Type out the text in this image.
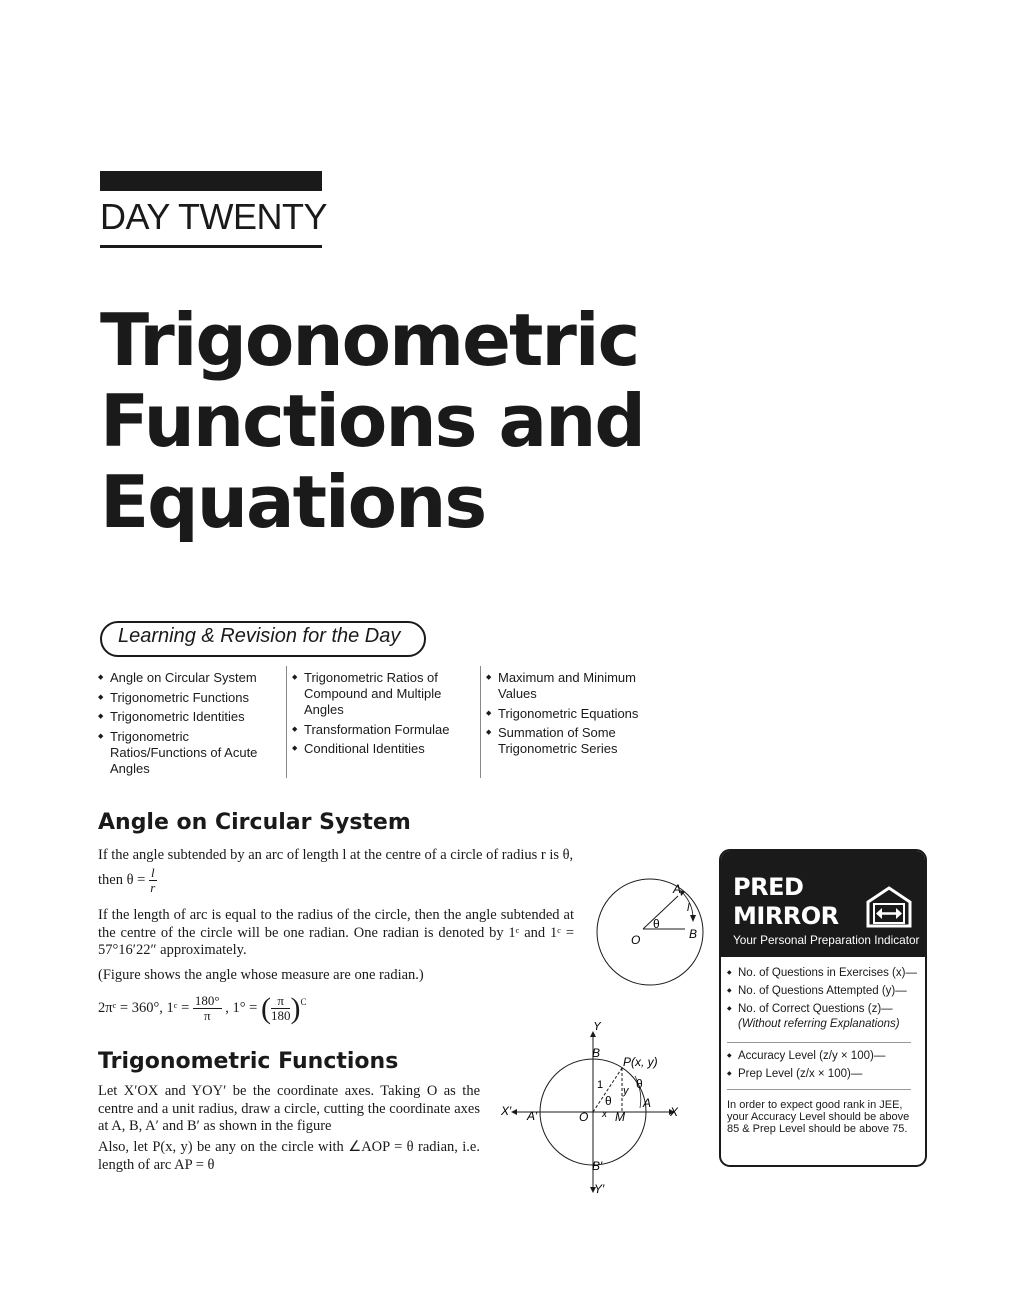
DAY TWENTY
Trigonometric
Functions and
Equations
Learning & Revision for the Day
◆ Angle on Circular System
◆ Trigonometric Functions
◆ Trigonometric Identities
◆ Trigonometric Ratios/Functions of Acute Angles
◆ Trigonometric Ratios of Compound and Multiple Angles
◆ Transformation Formulae
◆ Conditional Identities
◆ Maximum and Minimum Values
◆ Trigonometric Equations
◆ Summation of Some Trigonometric Series
Angle on Circular System
If the angle subtended by an arc of length l at the centre of a circle of radius r is θ,
then $\theta = \frac{l}{r}$
If the length of arc is equal to the radius of the circle, then the angle subtended at the centre of the circle will be one radian. One radian is denoted by 1ᶜ and 1ᶜ = 57°16′22″ approximately.
(Figure shows the angle whose measure are one radian.)
2πᶜ = 360°, 1ᶜ = $\frac{180^\circ}{\pi}$ , 1° = ( $\frac{\pi}{180} )^C$
A
B
O
θ
l
Trigonometric Functions
Let X′OX and YOY′ be the coordinate axes. Taking O as the centre and a unit radius, draw a circle, cutting the coordinate axes at A, B, A′ and B′ as shown in the figure
Also, let P(x, y) be any on the circle with ∠AOP = θ radian, i.e. length of arc AP = θ
Y
B
P(x, y)
1 y
θ
θ
X′ A′	O x M
A
X
B′
Y′
PRED
MIRROR
Your Personal Preparation Indicator
◆ No. of Questions in Exercises (x)—
◆ No. of Questions Attempted (y)—
◆ No. of Correct Questions (z)—
(Without referring Explanations)
◆ Accuracy Level (z/y × 100)—
◆ Prep Level (z/x × 100)—
In order to expect good rank in JEE, your Accuracy Level should be above 85 & Prep Level should be above 75.
